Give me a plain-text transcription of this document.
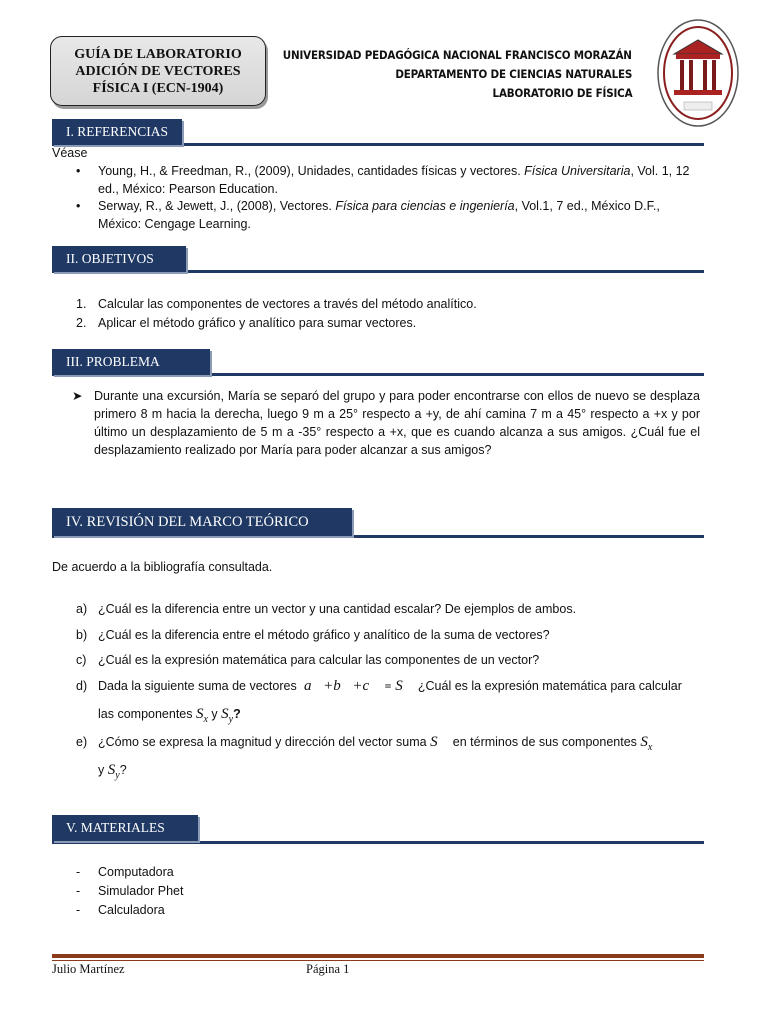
GUÍA DE LABORATORIO
ADICIÓN DE VECTORES
FÍSICA I (ECN-1904)
UNIVERSIDAD PEDAGÓGICA NACIONAL FRANCISCO MORAZÁN
DEPARTAMENTO DE CIENCIAS NATURALES
LABORATORIO DE FÍSICA
I. REFERENCIAS
Véase
• Young, H., & Freedman, R., (2009), Unidades, cantidades físicas y vectores. Física Universitaria, Vol. 1, 12 ed., México: Pearson Education.
• Serway, R., & Jewett, J., (2008), Vectores. Física para ciencias e ingeniería, Vol.1, 7 ed., México D.F., México: Cengage Learning.
II. OBJETIVOS
1. Calcular las componentes de vectores a través del método analítico.
2. Aplicar el método gráfico y analítico para sumar vectores.
III. PROBLEMA
➤ Durante una excursión, María se separó del grupo y para poder encontrarse con ellos de nuevo se desplaza primero 8 m hacia la derecha, luego 9 m a 25° respecto a +y, de ahí camina 7 m a 45° respecto a +x y por último un desplazamiento de 5 m a -35° respecto a +x, que es cuando alcanza a sus amigos. ¿Cuál fue el desplazamiento realizado por María para poder alcanzar a sus amigos?
IV. REVISIÓN DEL MARCO TEÓRICO
De acuerdo a la bibliografía consultada.
a) ¿Cuál es la diferencia entre un vector y una cantidad escalar? De ejemplos de ambos.
b) ¿Cuál es la diferencia entre el método gráfico y analítico de la suma de vectores?
c) ¿Cuál es la expresión matemática para calcular las componentes de un vector?
d) Dada la siguiente suma de vectores  a⃗+b⃗+c⃗ = S⃗ ¿Cuál es la expresión matemática para calcular
las componentes $S_x$ y $S_y$?
e) ¿Cómo se expresa la magnitud y dirección del vector suma S⃗ en términos de sus componentes $S_x$
y $S_y$?
V. MATERIALES
- Computadora
- Simulador Phet
- Calculadora
Julio Martínez	Página 1
